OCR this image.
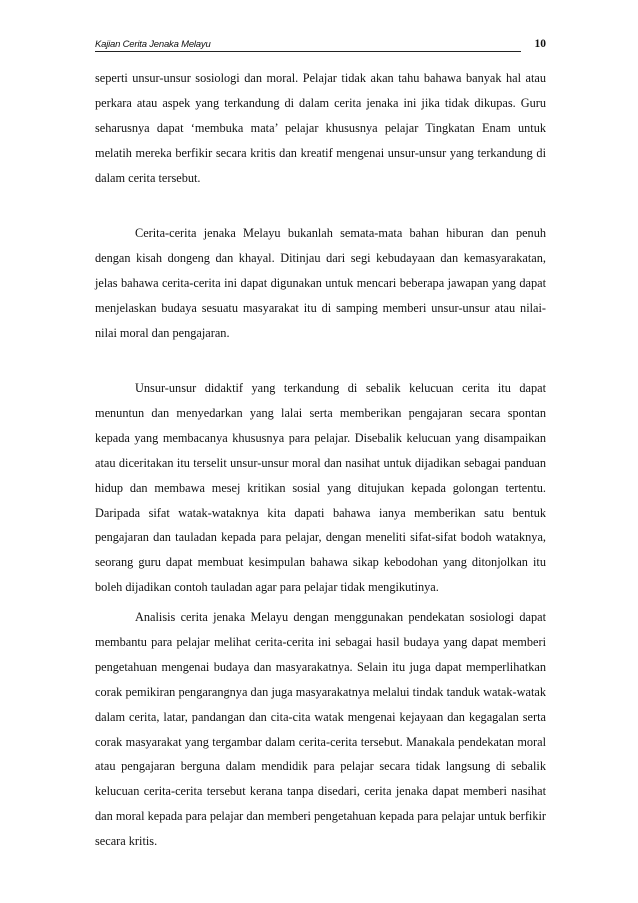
Kajian Cerita Jenaka Melayu	10

seperti unsur-unsur sosiologi dan moral. Pelajar tidak akan tahu bahawa banyak hal atau perkara atau aspek yang terkandung di dalam cerita jenaka ini jika tidak dikupas. Guru seharusnya dapat ‘membuka mata’ pelajar khususnya pelajar Tingkatan Enam untuk melatih mereka berfikir secara kritis dan kreatif mengenai unsur-unsur yang terkandung di dalam cerita tersebut.

Cerita-cerita jenaka Melayu bukanlah semata-mata bahan hiburan dan penuh dengan kisah dongeng dan khayal. Ditinjau dari segi kebudayaan dan kemasyarakatan, jelas bahawa cerita-cerita ini dapat digunakan untuk mencari beberapa jawapan yang dapat menjelaskan budaya sesuatu masyarakat itu di samping memberi unsur-unsur atau nilai-nilai moral dan pengajaran.

Unsur-unsur didaktif yang terkandung di sebalik kelucuan cerita itu dapat menuntun dan menyedarkan yang lalai serta memberikan pengajaran secara spontan kepada yang membacanya khususnya para pelajar. Disebalik kelucuan yang disampaikan atau diceritakan itu terselit unsur-unsur moral dan nasihat untuk dijadikan sebagai panduan hidup dan membawa mesej kritikan sosial yang ditujukan kepada golongan tertentu. Daripada sifat watak-wataknya kita dapati bahawa ianya memberikan satu bentuk pengajaran dan tauladan kepada para pelajar, dengan meneliti sifat-sifat bodoh wataknya, seorang guru dapat membuat kesimpulan bahawa sikap kebodohan yang ditonjolkan itu boleh dijadikan contoh tauladan agar para pelajar tidak mengikutinya.

Analisis cerita jenaka Melayu dengan menggunakan pendekatan sosiologi dapat membantu para pelajar melihat cerita-cerita ini sebagai hasil budaya yang dapat memberi pengetahuan mengenai budaya dan masyarakatnya. Selain itu juga dapat memperlihatkan corak pemikiran pengarangnya dan juga masyarakatnya melalui tindak tanduk watak-watak dalam cerita, latar, pandangan dan cita-cita watak mengenai kejayaan dan kegagalan serta corak masyarakat yang tergambar dalam cerita-cerita tersebut. Manakala pendekatan moral atau pengajaran berguna dalam mendidik para pelajar secara tidak langsung di sebalik kelucuan cerita-cerita tersebut kerana tanpa disedari, cerita jenaka dapat memberi nasihat dan moral kepada para pelajar dan memberi pengetahuan kepada para pelajar untuk berfikir secara kritis.
